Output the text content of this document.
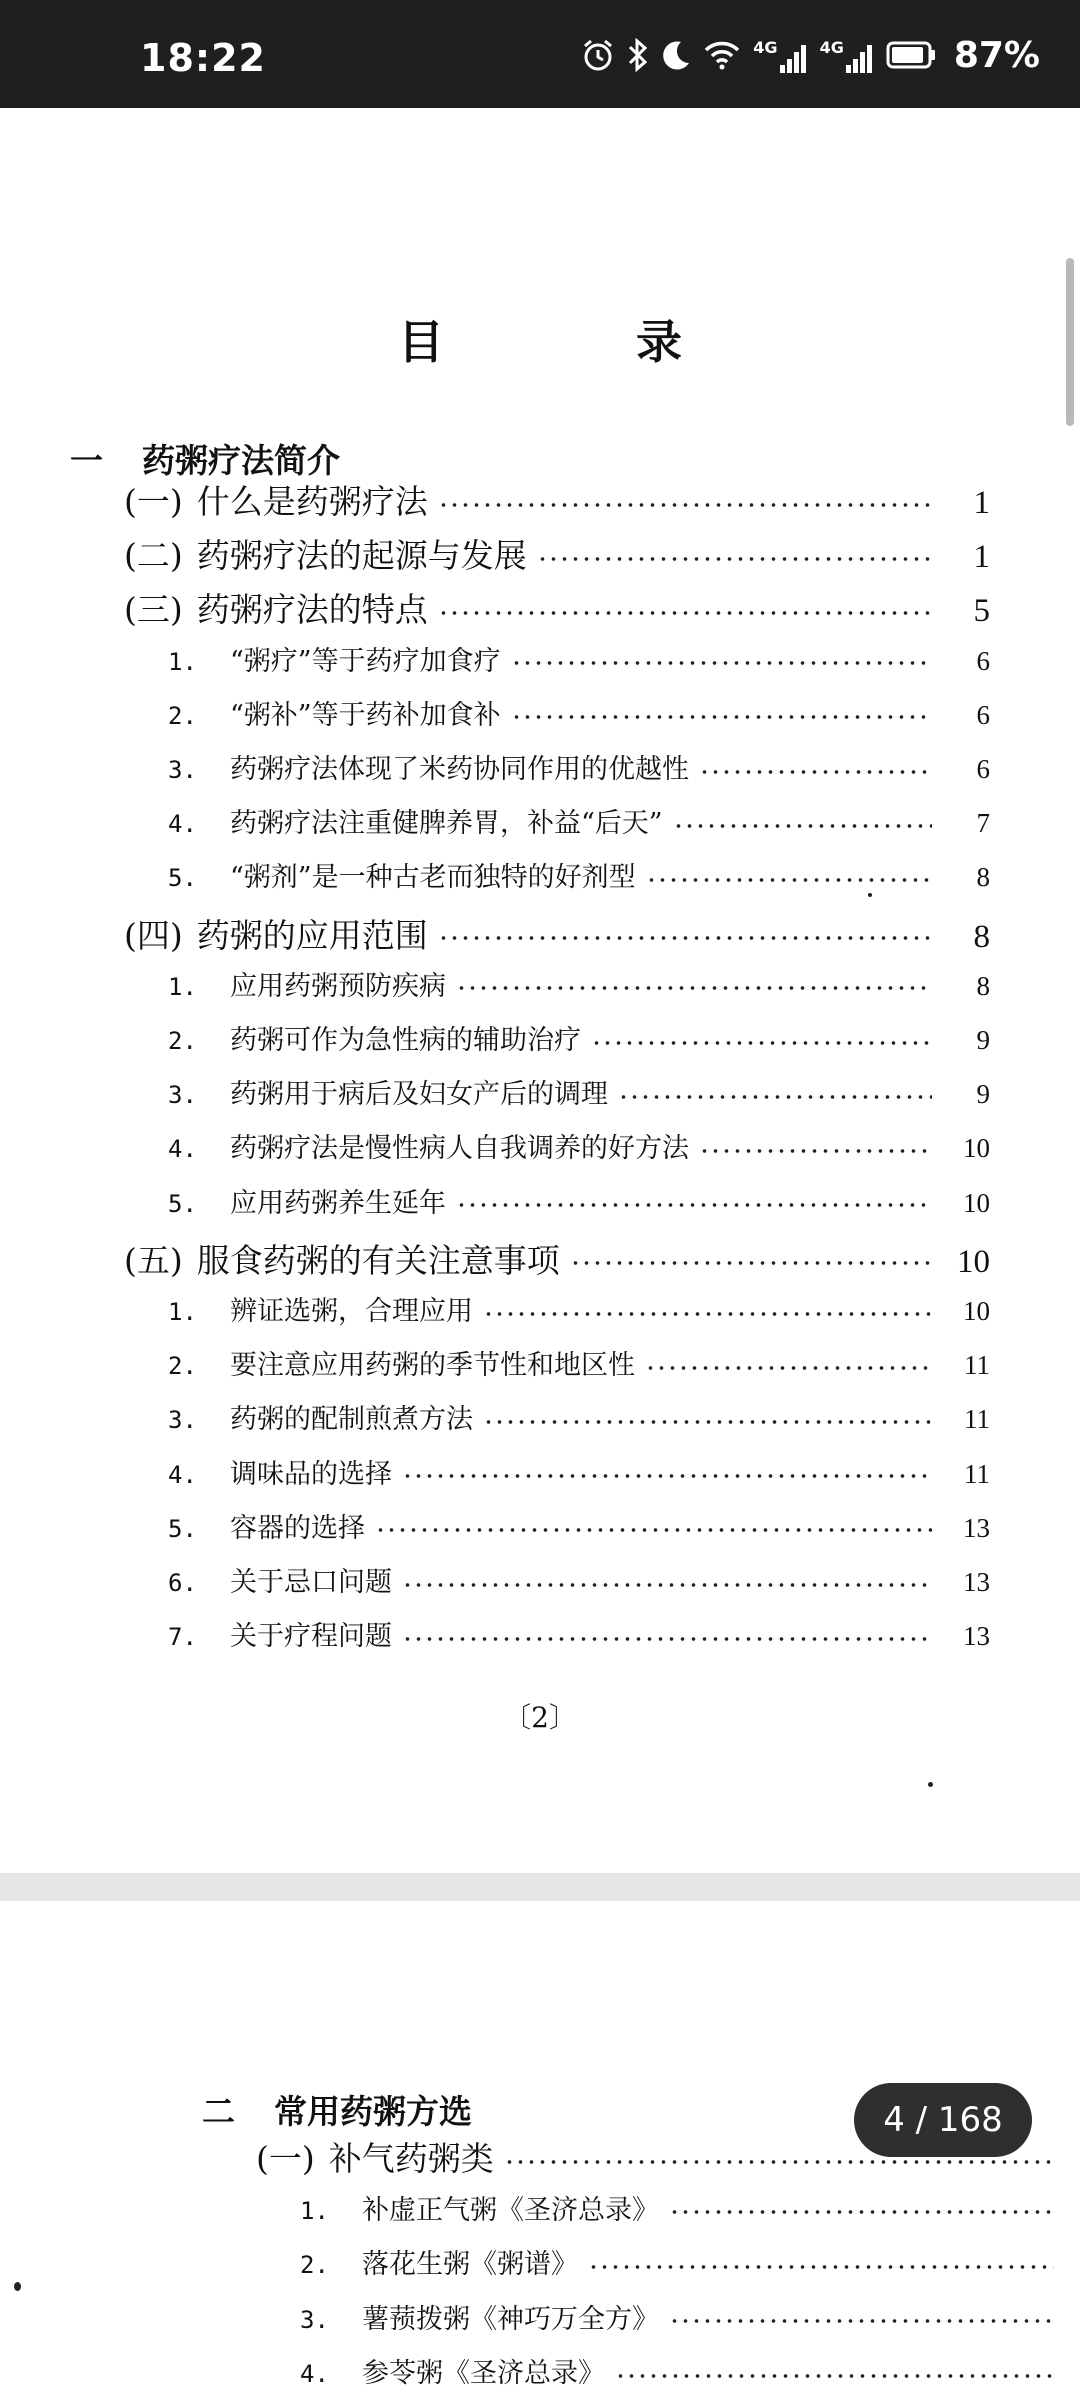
18:22	4G	4G	87%
目 录
一 药粥疗法简介
(一) 什么是药粥疗法	1
(二) 药粥疗法的起源与发展	1
(三) 药粥疗法的特点	5
1.	“粥疗”等于药疗加食疗	6
2.	“粥补”等于药补加食补	6
3.	药粥疗法体现了米药协同作用的优越性	6
4.	药粥疗法注重健脾养胃，补益“后天”	7
5.	“粥剂”是一种古老而独特的好剂型	8
(四) 药粥的应用范围	8
1.	应用药粥预防疾病	8
2.	药粥可作为急性病的辅助治疗	9
3.	药粥用于病后及妇女产后的调理	9
4.	药粥疗法是慢性病人自我调养的好方法	10
5.	应用药粥养生延年	10
(五) 服食药粥的有关注意事项	10
1.	辨证选粥，合理应用	10
2.	要注意应用药粥的季节性和地区性	11
3.	药粥的配制煎煮方法	11
4.	调味品的选择	11
5.	容器的选择	13
6.	关于忌口问题	13
7.	关于疗程问题	13
〔2〕
二 常用药粥方选
(一) 补气药粥类
1.	补虚正气粥《圣济总录》
2.	落花生粥《粥谱》
3.	薯蓣拨粥《神巧万全方》
4.	参苓粥《圣济总录》
4 / 168
